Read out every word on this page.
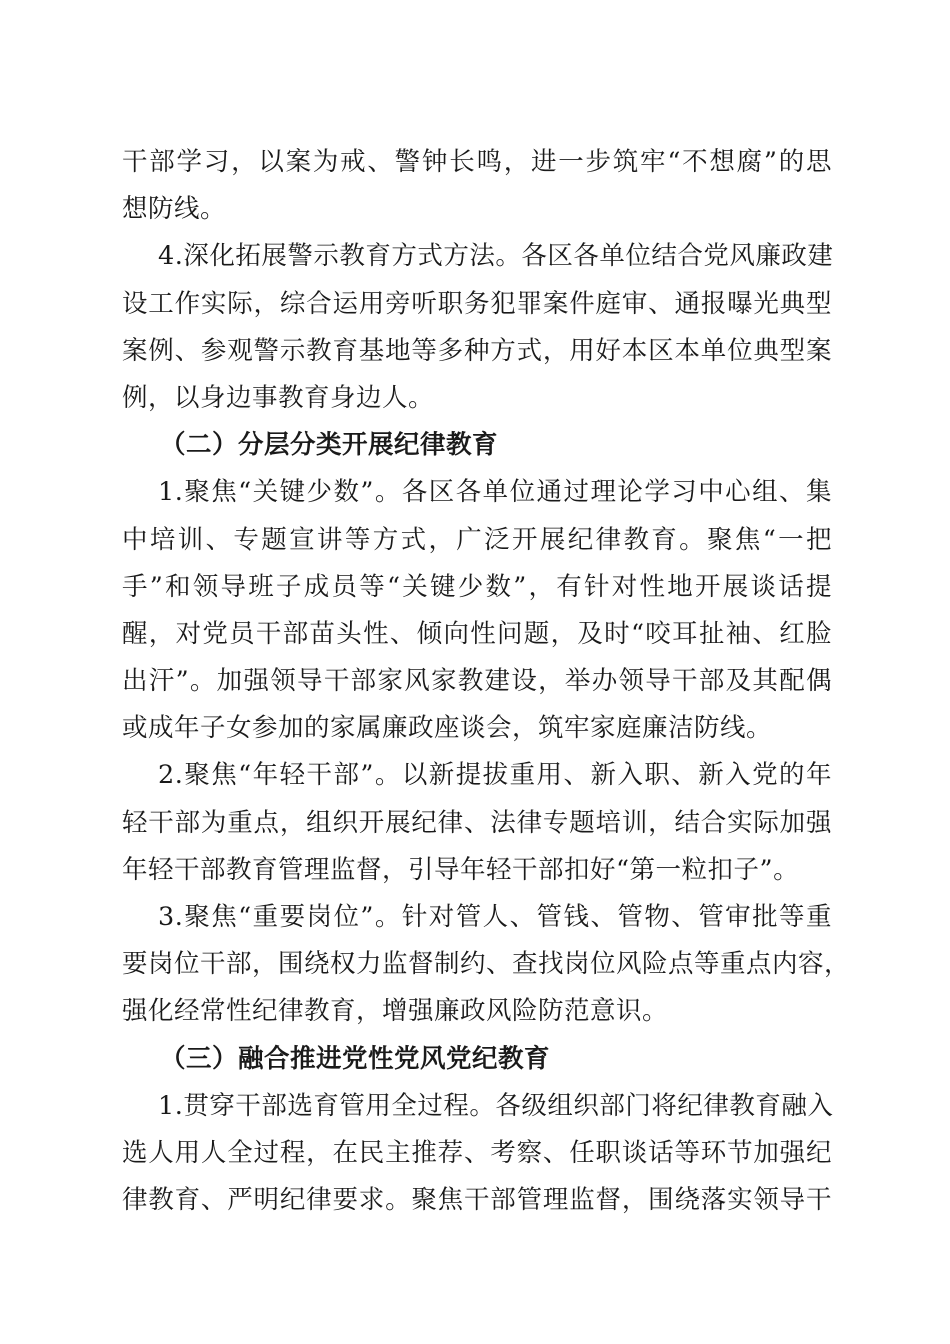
干部学习，以案为戒、警钟长鸣，进一步筑牢“不想腐”的思
想防线。
4.深化拓展警示教育方式方法。各区各单位结合党风廉政建
设工作实际，综合运用旁听职务犯罪案件庭审、通报曝光典型
案例、参观警示教育基地等多种方式，用好本区本单位典型案
例，以身边事教育身边人。
（二）分层分类开展纪律教育
1.聚焦“关键少数”。各区各单位通过理论学习中心组、集
中培训、专题宣讲等方式，广泛开展纪律教育。聚焦“一把
手”和领导班子成员等“关键少数”，有针对性地开展谈话提
醒，对党员干部苗头性、倾向性问题，及时“咬耳扯袖、红脸
出汗”。加强领导干部家风家教建设，举办领导干部及其配偶
或成年子女参加的家属廉政座谈会，筑牢家庭廉洁防线。
2.聚焦“年轻干部”。以新提拔重用、新入职、新入党的年
轻干部为重点，组织开展纪律、法律专题培训，结合实际加强
年轻干部教育管理监督，引导年轻干部扣好“第一粒扣子”。
3.聚焦“重要岗位”。针对管人、管钱、管物、管审批等重
要岗位干部，围绕权力监督制约、查找岗位风险点等重点内容，
强化经常性纪律教育，增强廉政风险防范意识。
（三）融合推进党性党风党纪教育
1.贯穿干部选育管用全过程。各级组织部门将纪律教育融入
选人用人全过程，在民主推荐、考察、任职谈话等环节加强纪
律教育、严明纪律要求。聚焦干部管理监督，围绕落实领导干
